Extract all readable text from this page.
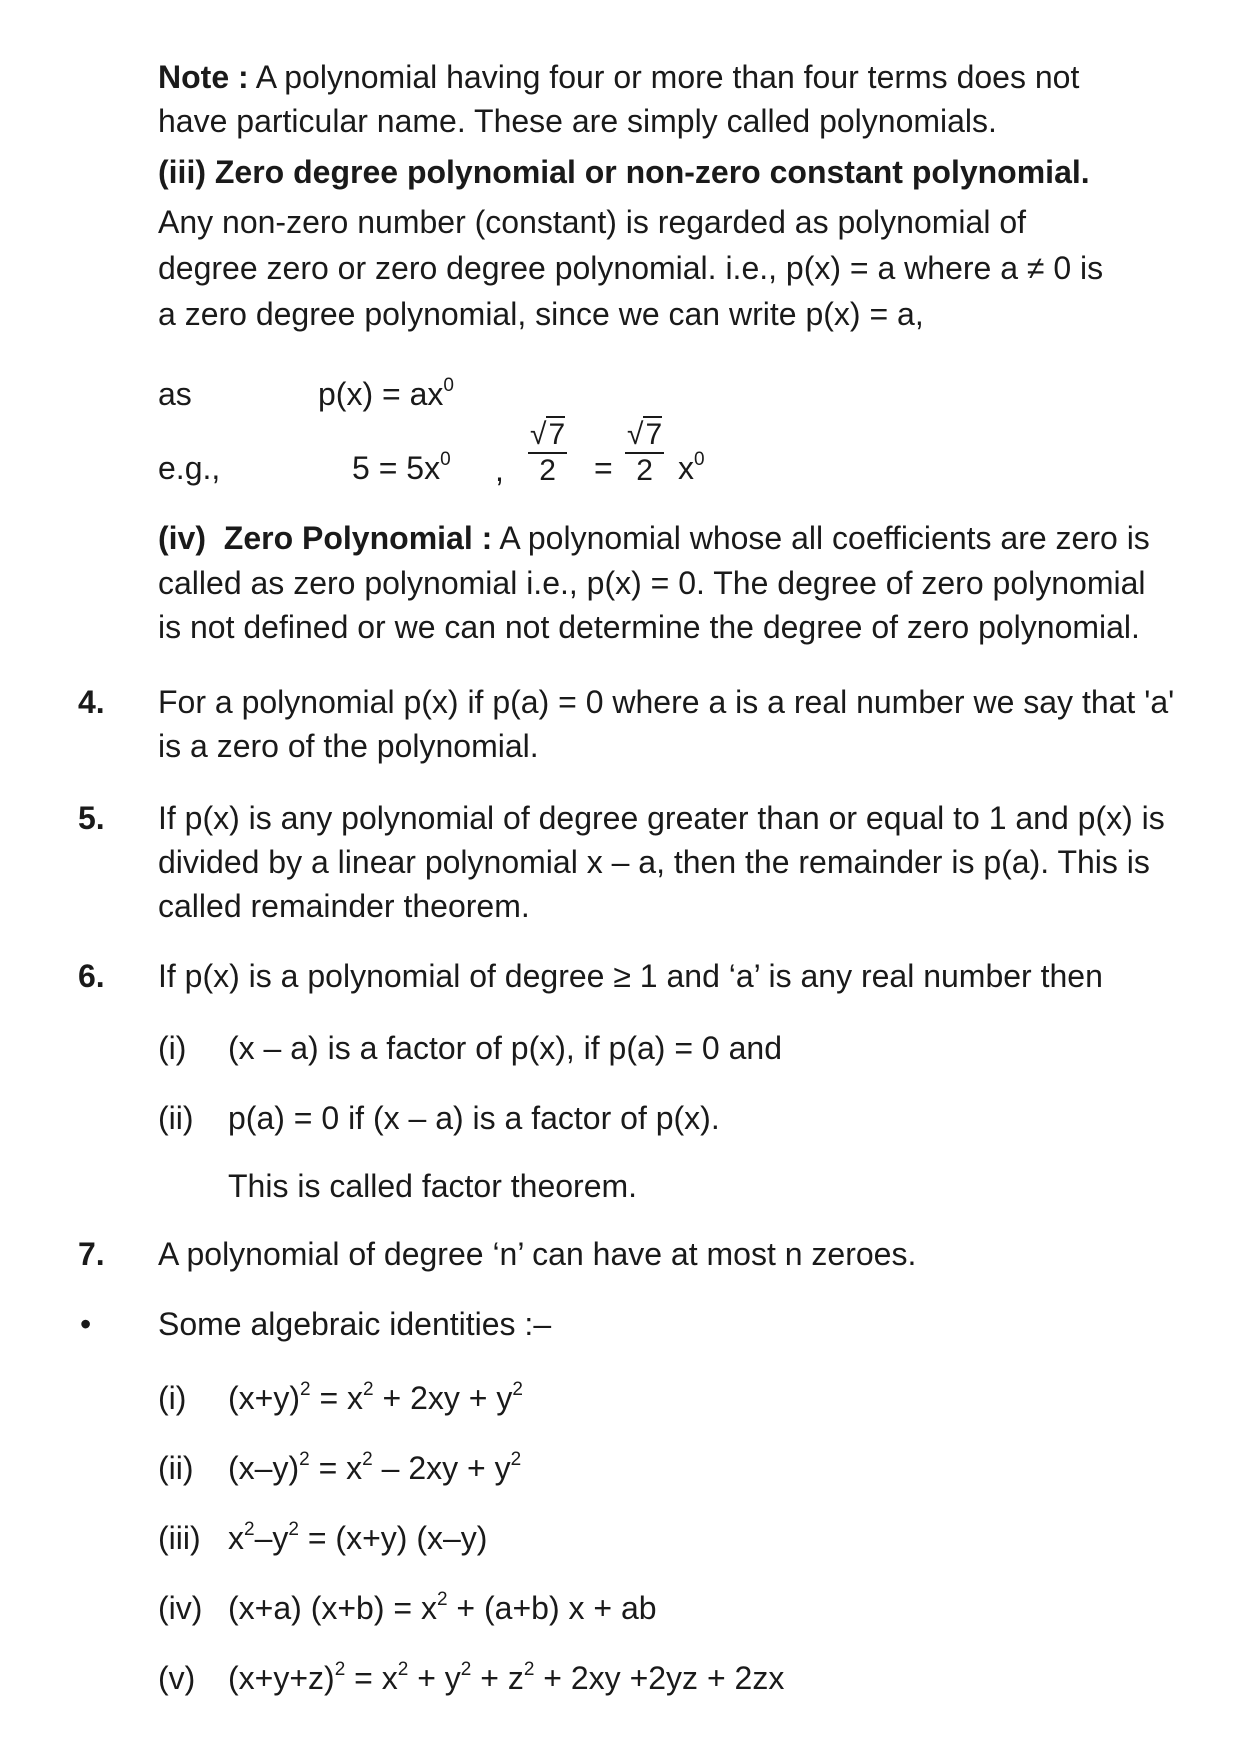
Note : A polynomial having four or more than four terms does not
have particular name. These are simply called polynomials.
(iii) Zero degree polynomial or non-zero constant polynomial.
Any non-zero number (constant) is regarded as polynomial of
degree zero or zero degree polynomial. i.e., p(x) = a where a ≠ 0 is
a zero degree polynomial, since we can write p(x) = a,
as	$p(x) = ax^0$
e.g.,	$5 = 5x^0$ , $\frac{√7}{2} = \frac{√7}{2} x^0$
(iv) Zero Polynomial : A polynomial whose all coefficients are zero is
called as zero polynomial i.e., p(x) = 0. The degree of zero polynomial
is not defined or we can not determine the degree of zero polynomial.
4. For a polynomial p(x) if p(a) = 0 where a is a real number we say that 'a'
is a zero of the polynomial.
5. If p(x) is any polynomial of degree greater than or equal to 1 and p(x) is
divided by a linear polynomial x – a, then the remainder is p(a). This is
called remainder theorem.
6. If p(x) is a polynomial of degree ≥ 1 and ‘a’ is any real number then
(i) (x – a) is a factor of p(x), if p(a) = 0 and
(ii) p(a) = 0 if (x – a) is a factor of p(x).
This is called factor theorem.
7. A polynomial of degree ‘n’ can have at most n zeroes.
• Some algebraic identities :–
(i) $(x+y)^2 = x^2 + 2xy + y^2$
(ii) $(x-y)^2 = x^2 - 2xy + y^2$
(iii) $x^2-y^2 = (x+y)$ (x–y)
(iv) (x+a) $(x+b) = x^2 + (a+b) x$ + ab
(v) $(x+y+z)^2 = x^2 + y^2 + z^2 + 2xy +2yz + 2zx$
